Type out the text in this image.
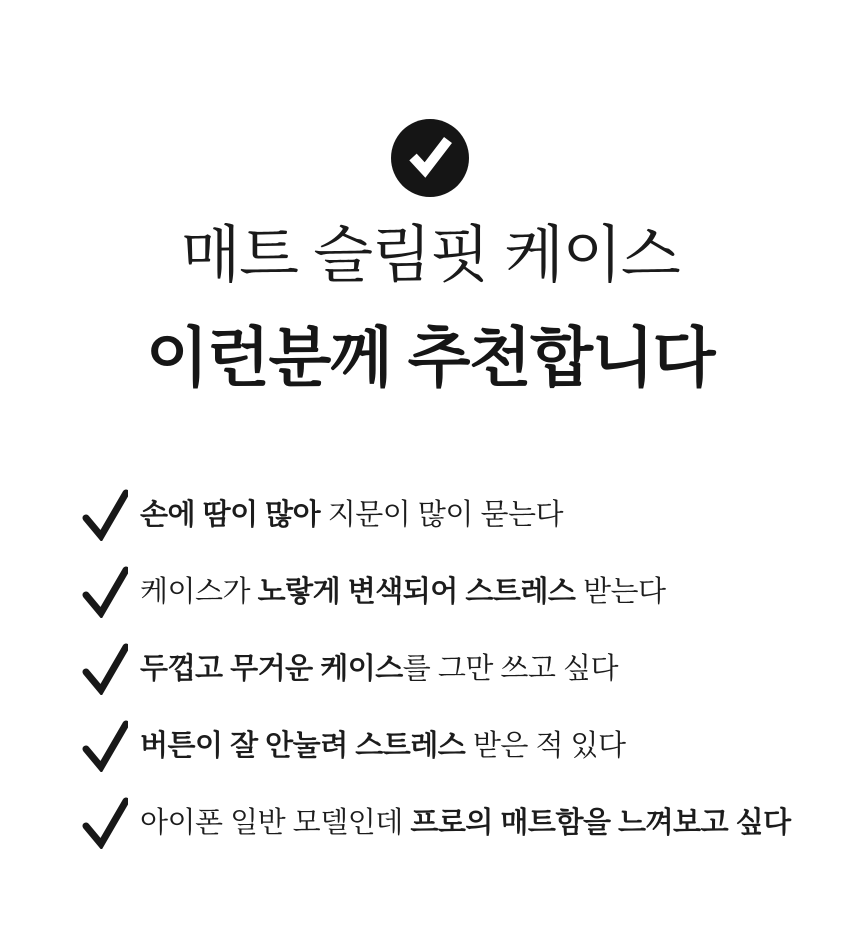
매트 슬림핏 케이스
이런분께 추천합니다
손에 땀이 많아 지문이 많이 묻는다
케이스가 노랗게 변색되어 스트레스 받는다
두껍고 무거운 케이스를 그만 쓰고 싶다
버튼이 잘 안눌려 스트레스 받은 적 있다
아이폰 일반 모델인데 프로의 매트함을 느껴보고 싶다
